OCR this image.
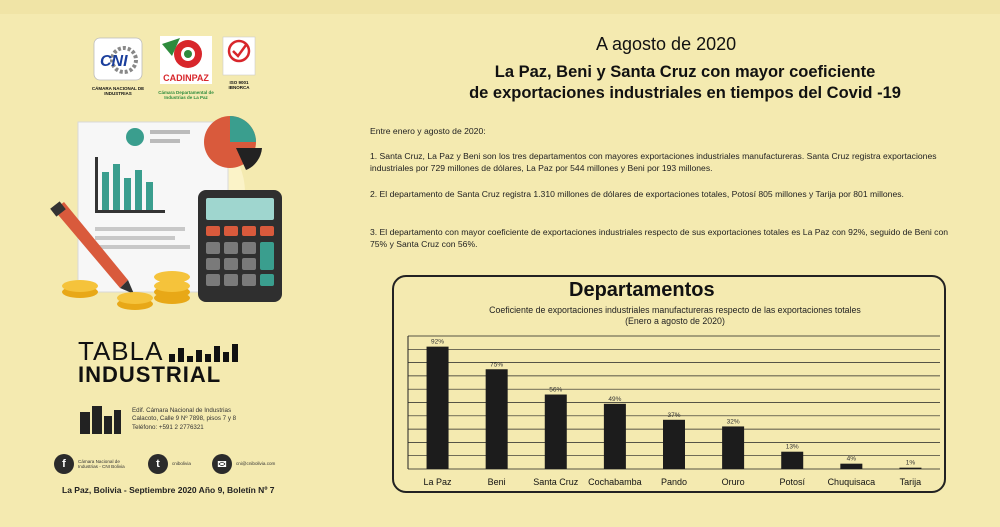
CNI
CÁMARA NACIONAL DE INDUSTRIAS
CADINPAZ
Cámara Departamental de Industrias de La Paz
ISO 9001 IBNORCA
TABLA
INDUSTRIAL
Edif. Cámara Nacional de Industrias
Calacoto, Calle 9 Nº 7898, pisos 7 y 8
Teléfono: +591 2 2776321
f	Cámara Nacional de Industrias - CNI Bolivia	t	cnibolivia	✉	cni@cnibolivia.com
La Paz, Bolivia - Septiembre 2020 Año 9, Boletín Nº 7
A agosto de 2020
La Paz, Beni y Santa Cruz con mayor coeficiente
de exportaciones industriales en tiempos del Covid -19
Entre enero y agosto de 2020:
1. Santa Cruz, La Paz y Beni son los tres departamentos con mayores exportaciones industriales manufactureras. Santa Cruz registra exportaciones industriales por 729 millones de dólares, La Paz por 544 millones y Beni por 193 millones.
2. El departamento de Santa Cruz registra 1.310 millones de dólares de exportaciones totales, Potosí 805 millones y Tarija por 801 millones.
3. El departamento con mayor coeficiente de exportaciones industriales respecto de sus exportaciones totales es La Paz con 92%, seguido de Beni con 75% y Santa Cruz con 56%.
Departamentos
Coeficiente de exportaciones industriales manufactureras respecto de las exportaciones totales
(Enero a agosto de 2020)
92%
La Paz
75%
Beni
56%
Santa Cruz
49%
Cochabamba
37%
Pando
32%
Oruro
13%
Potosí
4%
Chuquisaca
1%
Tarija
